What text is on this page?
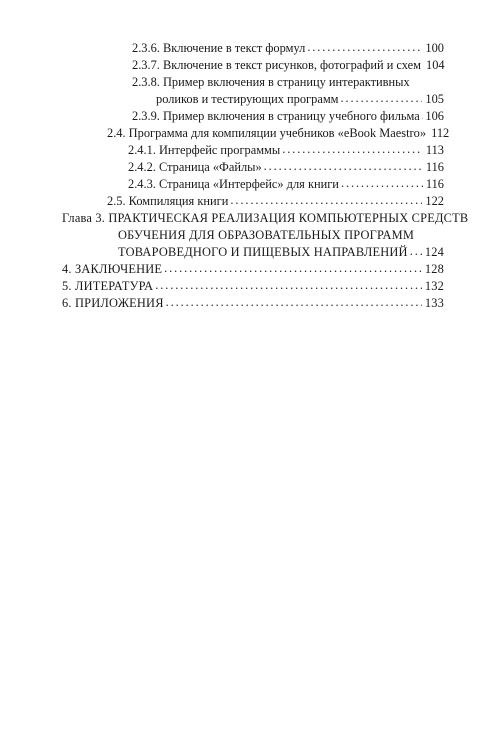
2.3.6. Включение в текст формул . . .	100
2.3.7. Включение в текст рисунков, фотографий и схем 104
2.3.8. Пример включения в страницу интерактивных
роликов и тестирующих программ . . .	105
2.3.9. Пример включения в страницу учебного фильма . . . 106
2.4. Программа для компиляции учебников «eBook Maestro» 112
2.4.1. Интерфейс программы . . .	113
2.4.2. Страница «Файлы» . . .	116
2.4.3. Страница «Интерфейс» для книги . . .	116
2.5. Компиляция книги . . .	122
Глава 3. ПРАКТИЧЕСКАЯ РЕАЛИЗАЦИЯ КОМПЬЮТЕРНЫХ СРЕДСТВ
ОБУЧЕНИЯ ДЛЯ ОБРАЗОВАТЕЛЬНЫХ ПРОГРАММ
ТОВАРОВЕДНОГО И ПИЩЕВЫХ НАПРАВЛЕНИЙ . . . 124
4. ЗАКЛЮЧЕНИЕ . . .	128
5. ЛИТЕРАТУРА . . .	132
6. ПРИЛОЖЕНИЯ . . .	133
